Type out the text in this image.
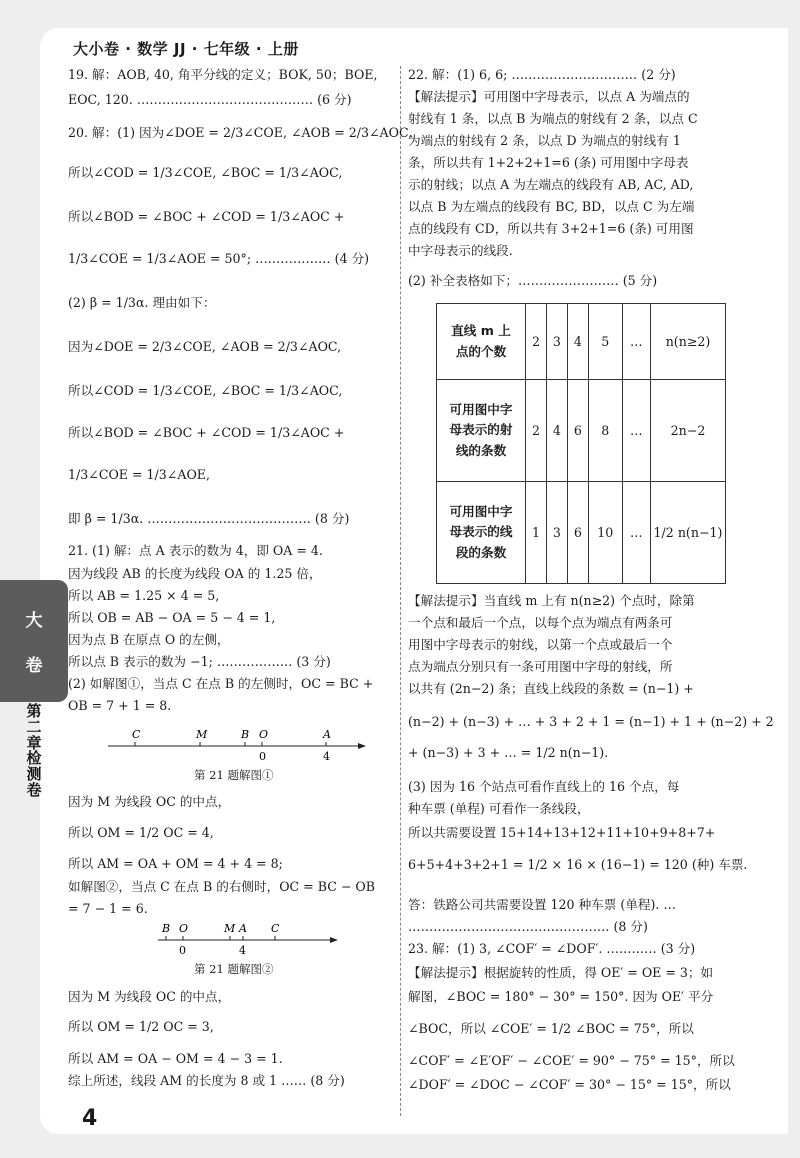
大小卷 · 数学 JJ · 七年级 · 上册
19. 解：AOB, 40, 角平分线的定义；BOK, 50；BOE,
EOC, 120. …………………………………… (6 分)
20. 解：(1) 因为∠DOE = 2/3∠COE, ∠AOB = 2/3∠AOC,
所以∠COD = 1/3∠COE, ∠BOC = 1/3∠AOC,
所以∠BOD = ∠BOC + ∠COD = 1/3∠AOC +
1/3∠COE = 1/3∠AOE = 50°; ……………… (4 分)
(2) β = 1/3α. 理由如下：
因为∠DOE = 2/3∠COE, ∠AOB = 2/3∠AOC,
所以∠COD = 1/3∠COE, ∠BOC = 1/3∠AOC,
所以∠BOD = ∠BOC + ∠COD = 1/3∠AOC +
1/3∠COE = 1/3∠AOE,
即 β = 1/3α. ………………………………… (8 分)
21. (1) 解：点 A 表示的数为 4，即 OA = 4.
因为线段 AB 的长度为线段 OA 的 1.25 倍，
所以 AB = 1.25 × 4 = 5,
所以 OB = AB − OA = 5 − 4 = 1,
因为点 B 在原点 O 的左侧，
所以点 B 表示的数为 −1; ……………… (3 分)
(2) 如解图①，当点 C 在点 B 的左侧时，OC = BC +
OB = 7 + 1 = 8.
C	M	B O	A
0	4
第 21 题解图①
因为 M 为线段 OC 的中点，
所以 OM = 1/2 OC = 4,
所以 AM = OA + OM = 4 + 4 = 8;
如解图②，当点 C 在点 B 的右侧时，OC = BC − OB
= 7 − 1 = 6.
B O	M A C
0	4
第 21 题解图②
因为 M 为线段 OC 的中点，
所以 OM = 1/2 OC = 3,
所以 AM = OA − OM = 4 − 3 = 1.
综上所述，线段 AM 的长度为 8 或 1 …… (8 分)
22. 解：(1) 6, 6; ………………………… (2 分)
【解法提示】可用图中字母表示，以点 A 为端点的
射线有 1 条，以点 B 为端点的射线有 2 条，以点 C
为端点的射线有 2 条，以点 D 为端点的射线有 1
条，所以共有 1+2+2+1=6 (条) 可用图中字母表
示的射线；以点 A 为左端点的线段有 AB, AC, AD,
以点 B 为左端点的线段有 BC, BD，以点 C 为左端
点的线段有 CD，所以共有 3+2+1=6 (条) 可用图
中字母表示的线段.
(2) 补全表格如下；…………………… (5 分)
直线 m 上
点的个数	2	3	4	5	…	n(n≥2)
可用图中字
母表示的射
线的条数	2	4	6	8	…	2n−2
可用图中字
母表示的线
段的条数	1	3	6	10	…	1/2 n(n−1)
【解法提示】当直线 m 上有 n(n≥2) 个点时，除第
一个点和最后一个点，以每个点为端点有两条可
用图中字母表示的射线，以第一个点或最后一个
点为端点分别只有一条可用图中字母的射线，所
以共有 (2n−2) 条；直线上线段的条数 = (n−1) +
(n−2) + (n−3) + … + 3 + 2 + 1 = (n−1) + 1 + (n−2) + 2
+ (n−3) + 3 + … = 1/2 n(n−1).
(3) 因为 16 个站点可看作直线上的 16 个点，每
种车票 (单程) 可看作一条线段，
所以共需要设置 15+14+13+12+11+10+9+8+7+
6+5+4+3+2+1 = 1/2 × 16 × (16−1) = 120 (种) 车票.
答：铁路公司共需要设置 120 种车票 (单程). …
………………………………………… (8 分)
23. 解：(1) 3, ∠COF′ = ∠DOF′. ………… (3 分)
【解法提示】根据旋转的性质，得 OE′ = OE = 3；如
解图，∠BOC = 180° − 30° = 150°. 因为 OE′ 平分
∠BOC，所以 ∠COE′ = 1/2 ∠BOC = 75°，所以
∠COF′ = ∠E′OF′ − ∠COE′ = 90° − 75° = 15°，所以
∠DOF′ = ∠DOC − ∠COF′ = 30° − 15° = 15°，所以
大
卷
第
二
章
检
测
卷
4
